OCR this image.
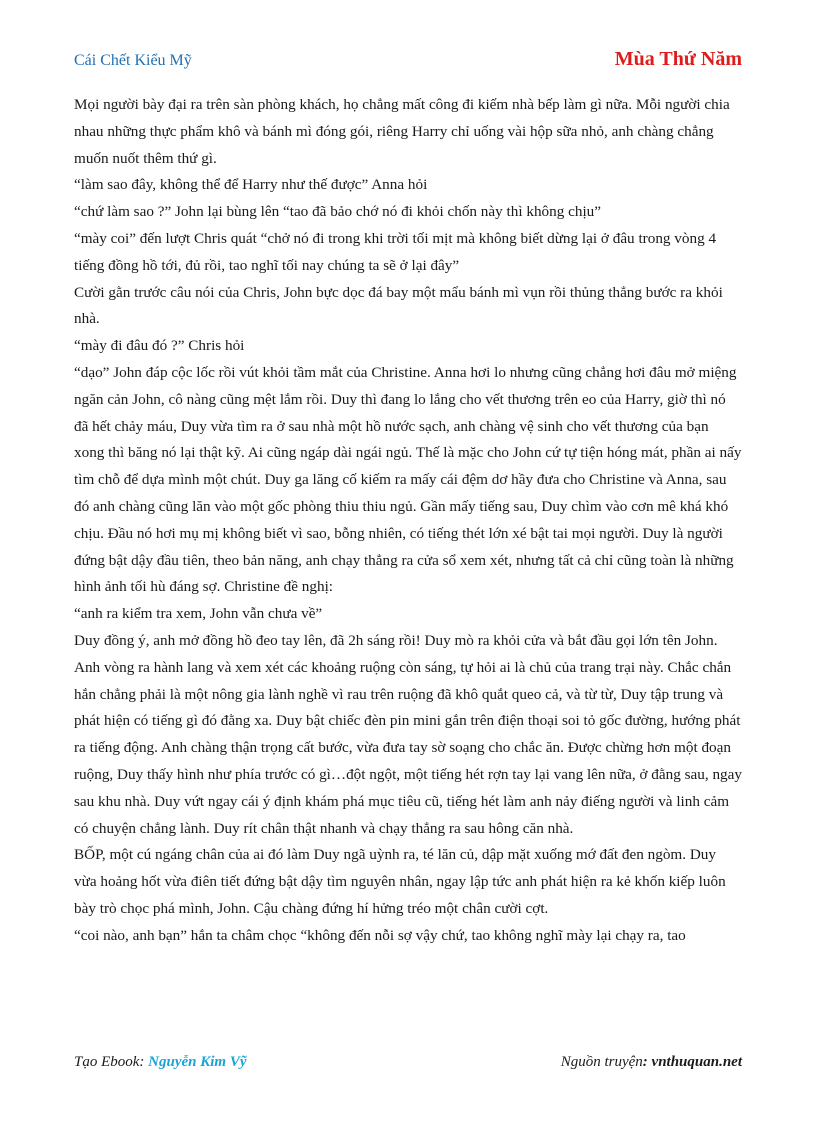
Cái Chết Kiểu Mỹ	Mùa Thứ Năm

Mọi người bày đại ra trên sàn phòng khách, họ chẳng mất công đi kiếm nhà bếp làm gì nữa. Mỗi người chia nhau những thực phẩm khô và bánh mì đóng gói, riêng Harry chỉ uống vài hộp sữa nhỏ, anh chàng chẳng muốn nuốt thêm thứ gì.

“làm sao đây, không thể để Harry như thế được” Anna hỏi

“chứ làm sao ?” John lại bùng lên “tao đã bảo chớ nó đi khỏi chốn này thì không chịu”

“mày coi” đến lượt Chris quát “chở nó đi trong khi trời tối mịt mà không biết dừng lại ở đâu trong vòng 4 tiếng đồng hồ tới, đủ rồi, tao nghĩ tối nay chúng ta sẽ ở lại đây”

Cười gằn trước câu nói của Chris, John bực dọc đá bay một mẩu bánh mì vụn rồi thủng thẳng bước ra khỏi nhà.

“mày đi đâu đó ?” Chris hỏi

“dạo” John đáp cộc lốc rồi vút khỏi tầm mắt của Christine. Anna hơi lo nhưng cũng chẳng hơi đâu mở miệng ngăn cản John, cô nàng cũng mệt lắm rồi. Duy thì đang lo lắng cho vết thương trên eo của Harry, giờ thì nó đã hết chảy máu, Duy vừa tìm ra ở sau nhà một hồ nước sạch, anh chàng vệ sinh cho vết thương của bạn xong thì băng nó lại thật kỹ. Ai cũng ngáp dài ngái ngủ. Thế là mặc cho John cứ tự tiện hóng mát, phần ai nấy tìm chỗ để dựa mình một chút. Duy ga lăng cố kiếm ra mấy cái đệm dơ hầy đưa cho Christine và Anna, sau đó anh chàng cũng lăn vào một gốc phòng thiu thiu ngủ. Gần mấy tiếng sau, Duy chìm vào cơn mê khá khó chịu. Đầu nó hơi mụ mị không biết vì sao, bỗng nhiên, có tiếng thét lớn xé bật tai mọi người. Duy là người đứng bật dậy đầu tiên, theo bản năng, anh chạy thẳng ra cửa sổ xem xét, nhưng tất cả chỉ cũng toàn là những hình ảnh tối hù đáng sợ. Christine đề nghị:

“anh ra kiểm tra xem, John vẫn chưa về”

Duy đồng ý, anh mở đồng hồ đeo tay lên, đã 2h sáng rồi! Duy mò ra khỏi cửa và bắt đầu gọi lớn tên John. Anh vòng ra hành lang và xem xét các khoảng ruộng còn sáng, tự hỏi ai là chủ của trang trại này. Chắc chắn hắn chẳng phải là một nông gia lành nghề vì rau trên ruộng đã khô quắt queo cả, và từ từ, Duy tập trung và phát hiện có tiếng gì đó đằng xa. Duy bật chiếc đèn pin mini gắn trên điện thoại soi tỏ gốc đường, hướng phát ra tiếng động. Anh chàng thận trọng cất bước, vừa đưa tay sờ soạng cho chắc ăn. Được chừng hơn một đoạn ruộng, Duy thấy hình như phía trước có gì…đột ngột, một tiếng hét rợn tay lại vang lên nữa, ở đằng sau, ngay sau khu nhà. Duy vứt ngay cái ý định khám phá mục tiêu cũ, tiếng hét làm anh nảy điếng người và linh cảm có chuyện chẳng lành. Duy rít chân thật nhanh và chạy thẳng ra sau hông căn nhà.

BỐP, một cú ngáng chân của ai đó làm Duy ngã uỳnh ra, té lăn củ, dập mặt xuống mớ đất đen ngòm. Duy vừa hoảng hốt vừa điên tiết đứng bật dậy tìm nguyên nhân, ngay lập tức anh phát hiện ra kẻ khốn kiếp luôn bày trò chọc phá mình, John. Cậu chàng đứng hí hửng tréo một chân cười cợt.

“coi nào, anh bạn” hắn ta châm chọc “không đến nỗi sợ vậy chứ, tao không nghĩ mày lại chạy ra, tao

Tạo Ebook: Nguyễn Kim Vỹ	Nguồn truyện: vnthuquan.net
